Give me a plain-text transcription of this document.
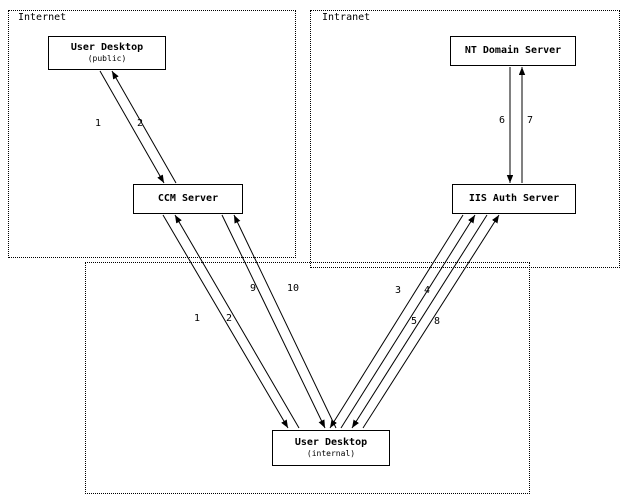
Internet	Intranet
User Desktop
(public)
CCM Server
NT Domain Server
IIS Auth Server
User Desktop
(internal)
1	2	6 7
9	10	3 4
1	2	5 8
